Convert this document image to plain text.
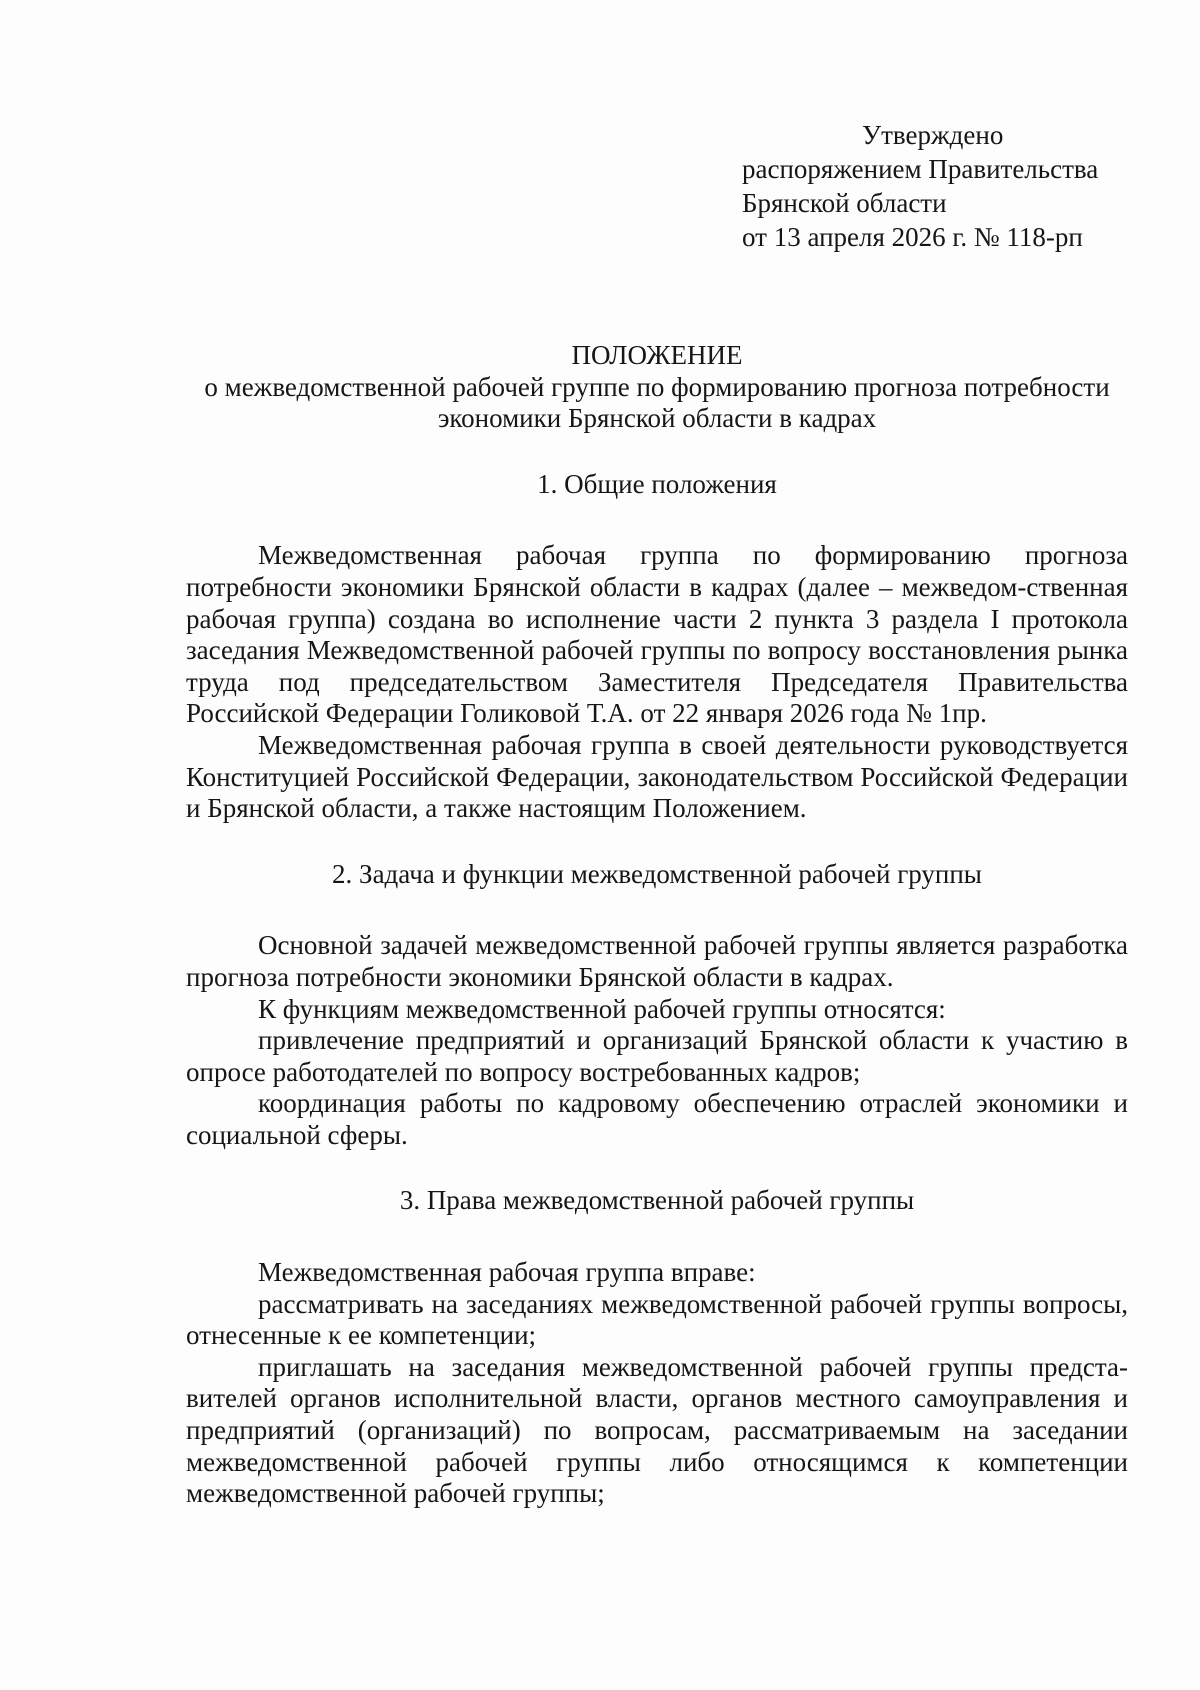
Утверждено
распоряжением Правительства
Брянской области
от 13 апреля 2026 г. № 118-рп
ПОЛОЖЕНИЕ
о межведомственной рабочей группе по формированию прогноза потребности экономики Брянской области в кадрах

1. Общие положения

Межведомственная рабочая группа по формированию прогноза потребности экономики Брянской области в кадрах (далее – межведом-ственная рабочая группа) создана во исполнение части 2 пункта 3 раздела I протокола заседания Межведомственной рабочей группы по вопросу восстановления рынка труда под председательством Заместителя Председателя Правительства Российской Федерации Голиковой Т.А. от 22 января 2026 года № 1пр.

Межведомственная рабочая группа в своей деятельности руководствуется Конституцией Российской Федерации, законодательством Российской Федерации и Брянской области, а также настоящим Положением.

2. Задача и функции межведомственной рабочей группы

Основной задачей межведомственной рабочей группы является разработка прогноза потребности экономики Брянской области в кадрах.

К функциям межведомственной рабочей группы относятся:

привлечение предприятий и организаций Брянской области к участию в опросе работодателей по вопросу востребованных кадров;

координация работы по кадровому обеспечению отраслей экономики и социальной сферы.

3. Права межведомственной рабочей группы

Межведомственная рабочая группа вправе:

рассматривать на заседаниях межведомственной рабочей группы вопросы, отнесенные к ее компетенции;

приглашать на заседания межведомственной рабочей группы предста-вителей органов исполнительной власти, органов местного самоуправления и предприятий (организаций) по вопросам, рассматриваемым на заседании межведомственной рабочей группы либо относящимся к компетенции межведомственной рабочей группы;
